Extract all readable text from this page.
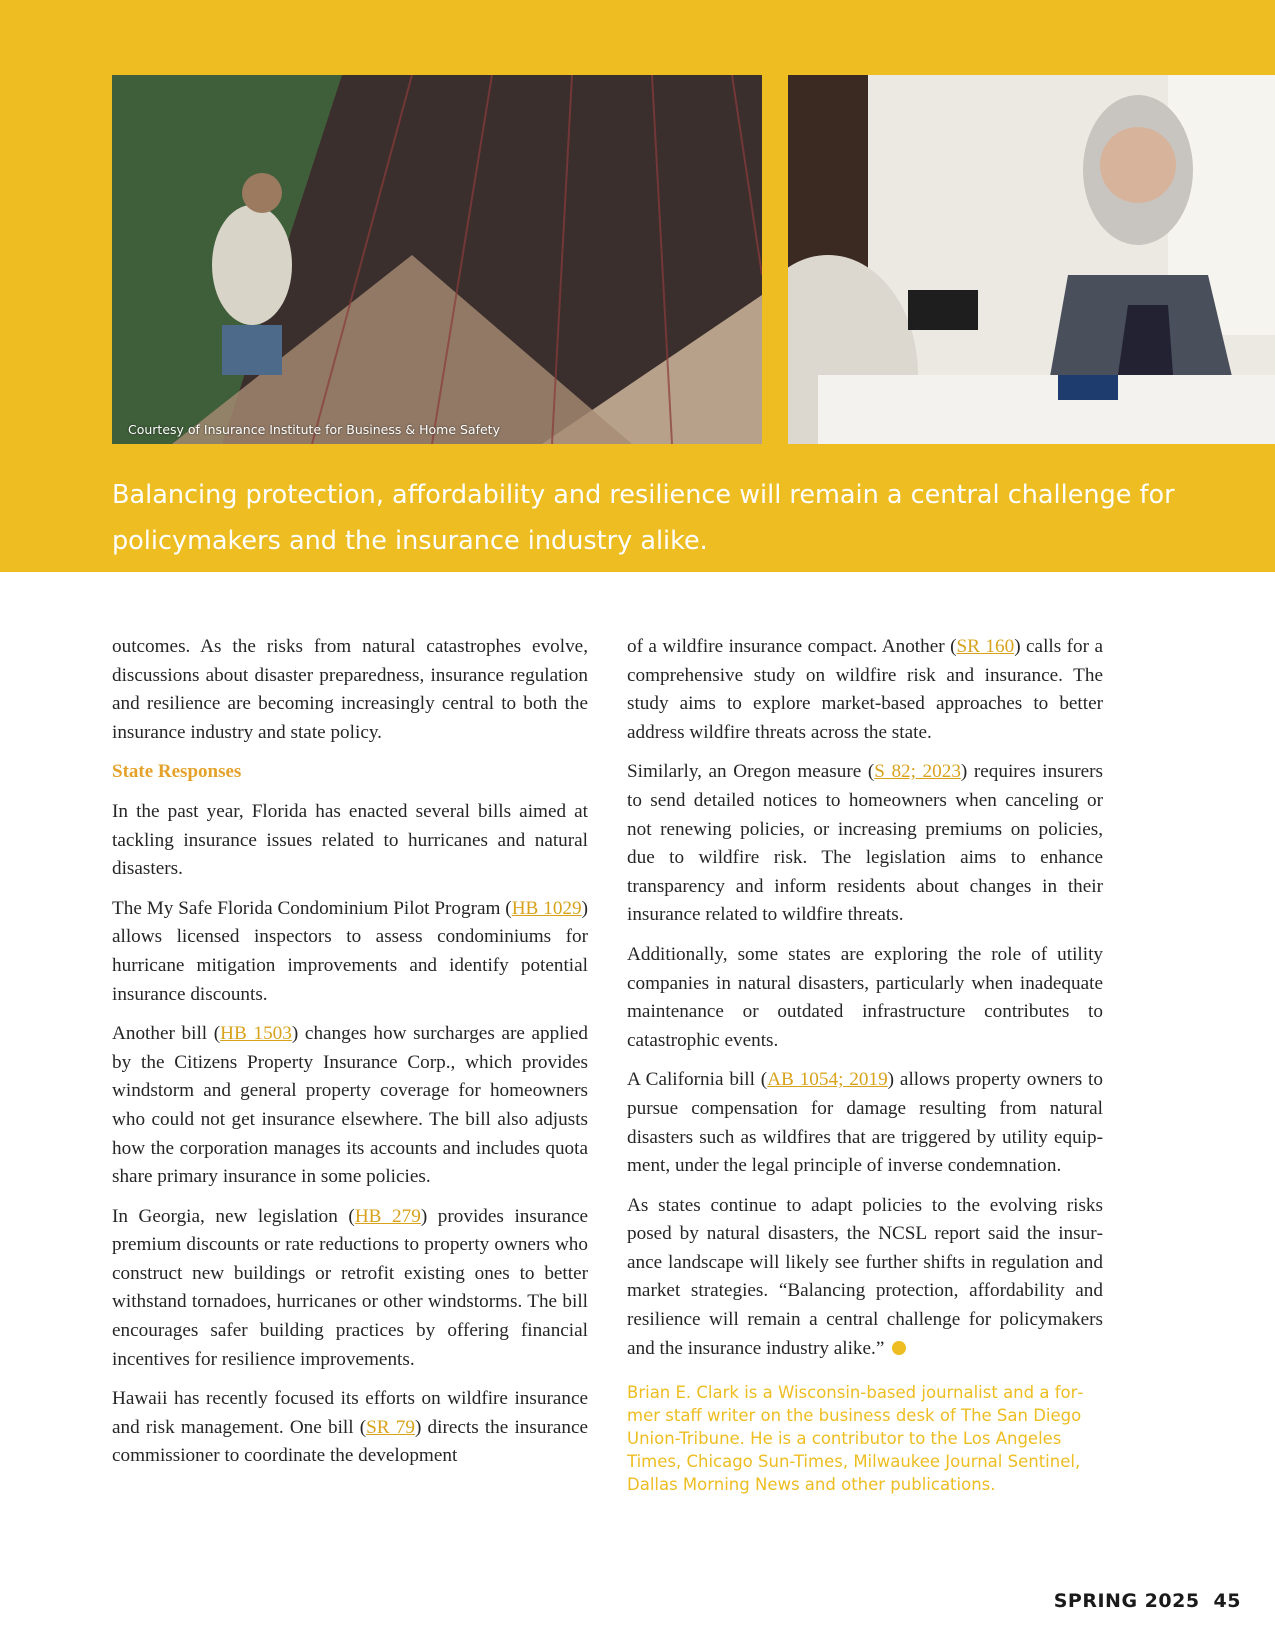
Courtesy of Insurance Institute for Business & Home Safety

Balancing protection, affordability and resilience will remain a central challenge for policymakers and the insurance industry alike.

outcomes. As the risks from natural catastrophes evolve, discussions about disaster preparedness, insurance regulation and resilience are becoming increasingly central to both the insurance industry and state policy.

State Responses

In the past year, Florida has enacted several bills aimed at tackling insurance issues related to hurricanes and natural disasters.

The My Safe Florida Condominium Pilot Program (HB 1029) allows licensed inspectors to assess condominiums for hurricane mitigation improvements and identify potential insurance discounts.

Another bill (HB 1503) changes how surcharges are applied by the Citizens Property Insurance Corp., which provides windstorm and general property coverage for homeowners who could not get insurance elsewhere. The bill also adjusts how the corporation manages its accounts and includes quota share primary insurance in some policies.

In Georgia, new legislation (HB 279) provides insurance premium discounts or rate reductions to property owners who construct new buildings or retrofit existing ones to better withstand tornadoes, hurricanes or other windstorms. The bill encourages safer building practices by offering financial incentives for resilience improvements.

Hawaii has recently focused its efforts on wildfire insurance and risk management. One bill (SR 79) directs the insurance commissioner to coordinate the development

of a wildfire insurance compact. Another (SR 160) calls for a comprehensive study on wildfire risk and insurance. The study aims to explore market-based approaches to better address wildfire threats across the state.

Similarly, an Oregon measure (S 82; 2023) requires insurers to send detailed notices to homeowners when canceling or not renewing policies, or increasing premiums on policies, due to wildfire risk. The legislation aims to enhance transparency and inform residents about changes in their insurance related to wildfire threats.

Additionally, some states are exploring the role of utility companies in natural disasters, particularly when inadequate maintenance or outdated infrastructure contributes to catastrophic events.

A California bill (AB 1054; 2019) allows property owners to pursue compensation for damage resulting from natural disasters such as wildfires that are triggered by utility equipment, under the legal principle of inverse condemnation.

As states continue to adapt policies to the evolving risks posed by natural disasters, the NCSL report said the insurance landscape will likely see further shifts in regulation and market strategies. “Balancing protection, affordability and resilience will remain a central challenge for policymakers and the insurance industry alike.”

Brian E. Clark is a Wisconsin-based journalist and a former staff writer on the business desk of The San Diego Union-Tribune. He is a contributor to the Los Angeles Times, Chicago Sun-Times, Milwaukee Journal Sentinel, Dallas Morning News and other publications.
SPRING 2025 45
